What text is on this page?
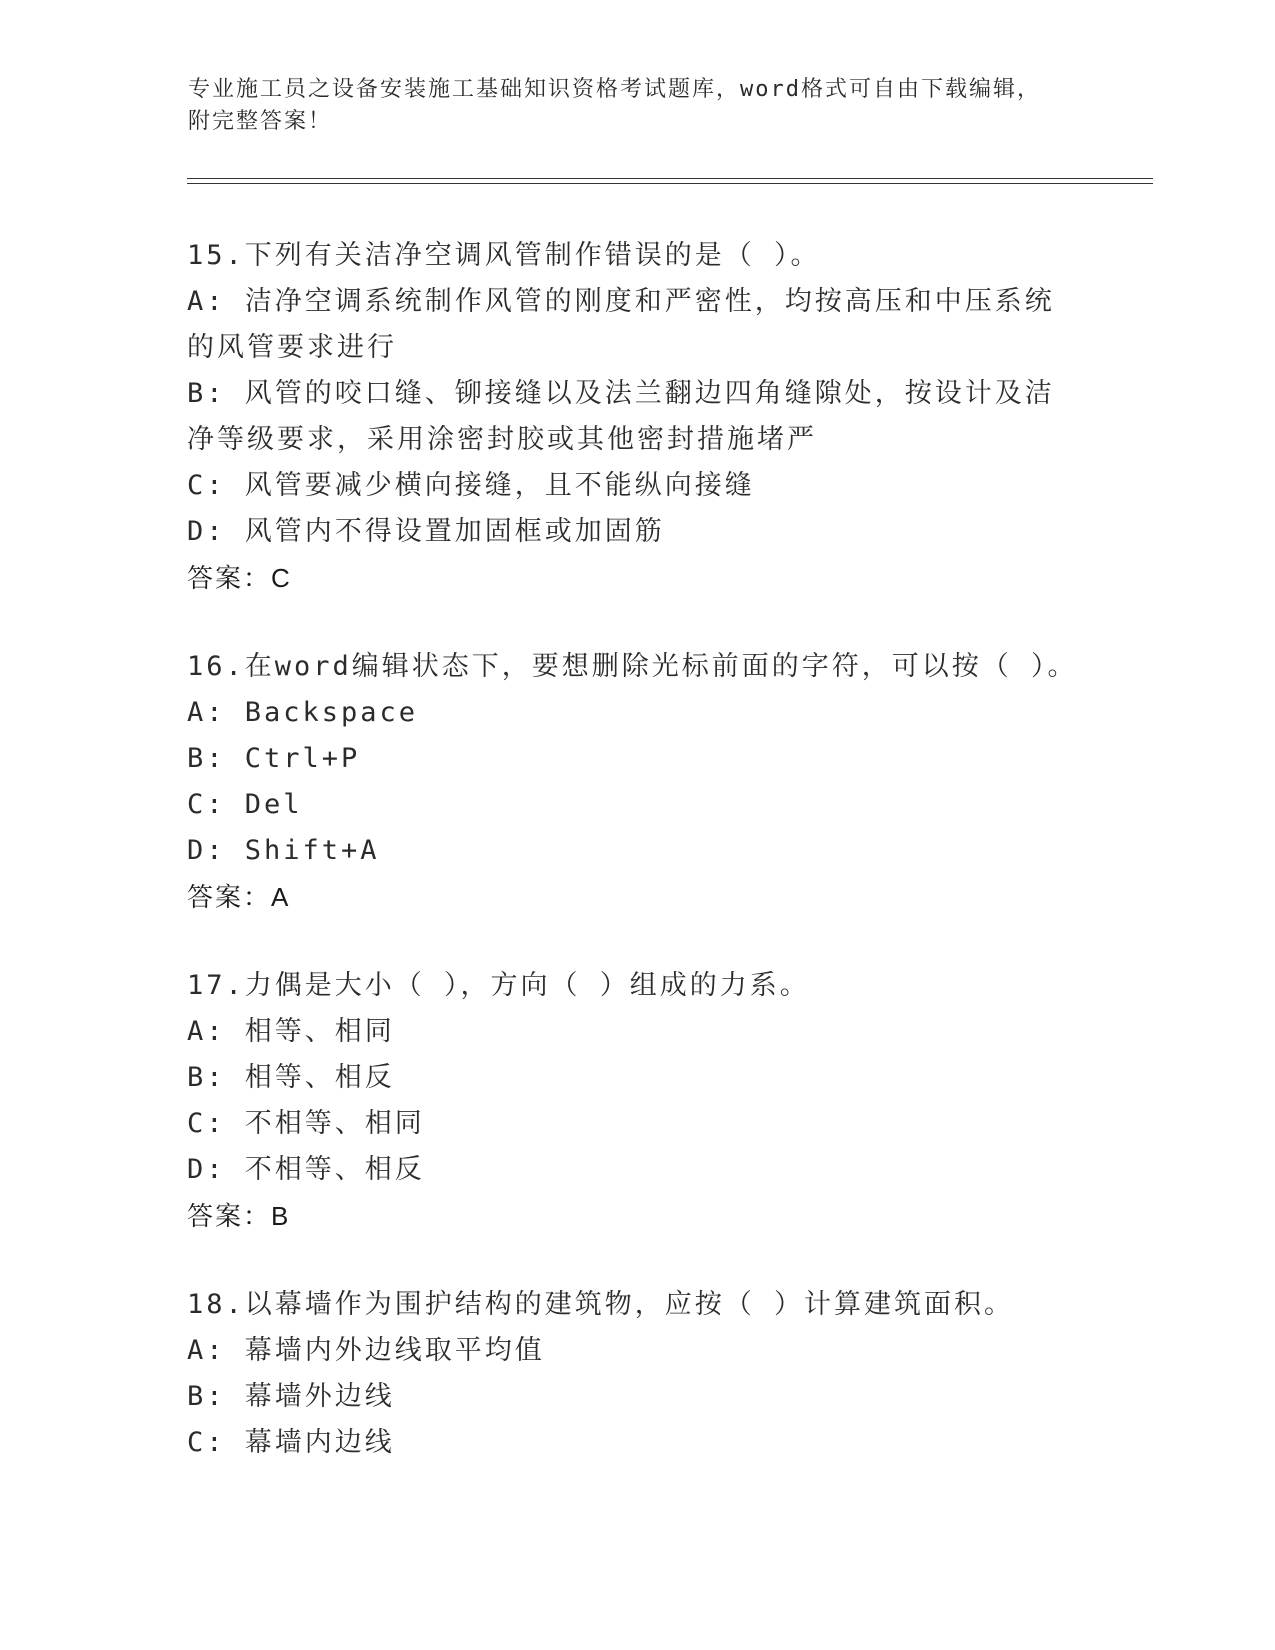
专业施工员之设备安装施工基础知识资格考试题库，word格式可自由下载编辑，
附完整答案！
15.下列有关洁净空调风管制作错误的是（ ）。
A: 洁净空调系统制作风管的刚度和严密性，均按高压和中压系统的风管要求进行
B: 风管的咬口缝、铆接缝以及法兰翻边四角缝隙处，按设计及洁净等级要求，采用涂密封胶或其他密封措施堵严
C: 风管要减少横向接缝，且不能纵向接缝
D: 风管内不得设置加固框或加固筋
答案：C
16.在word编辑状态下，要想删除光标前面的字符，可以按（ ）。
A: Backspace
B: Ctrl+P
C: Del
D: Shift+A
答案：A
17.力偶是大小（ ），方向（ ）组成的力系。
A: 相等、相同
B: 相等、相反
C: 不相等、相同
D: 不相等、相反
答案：B
18.以幕墙作为围护结构的建筑物，应按（ ）计算建筑面积。
A: 幕墙内外边线取平均值
B: 幕墙外边线
C: 幕墙内边线
